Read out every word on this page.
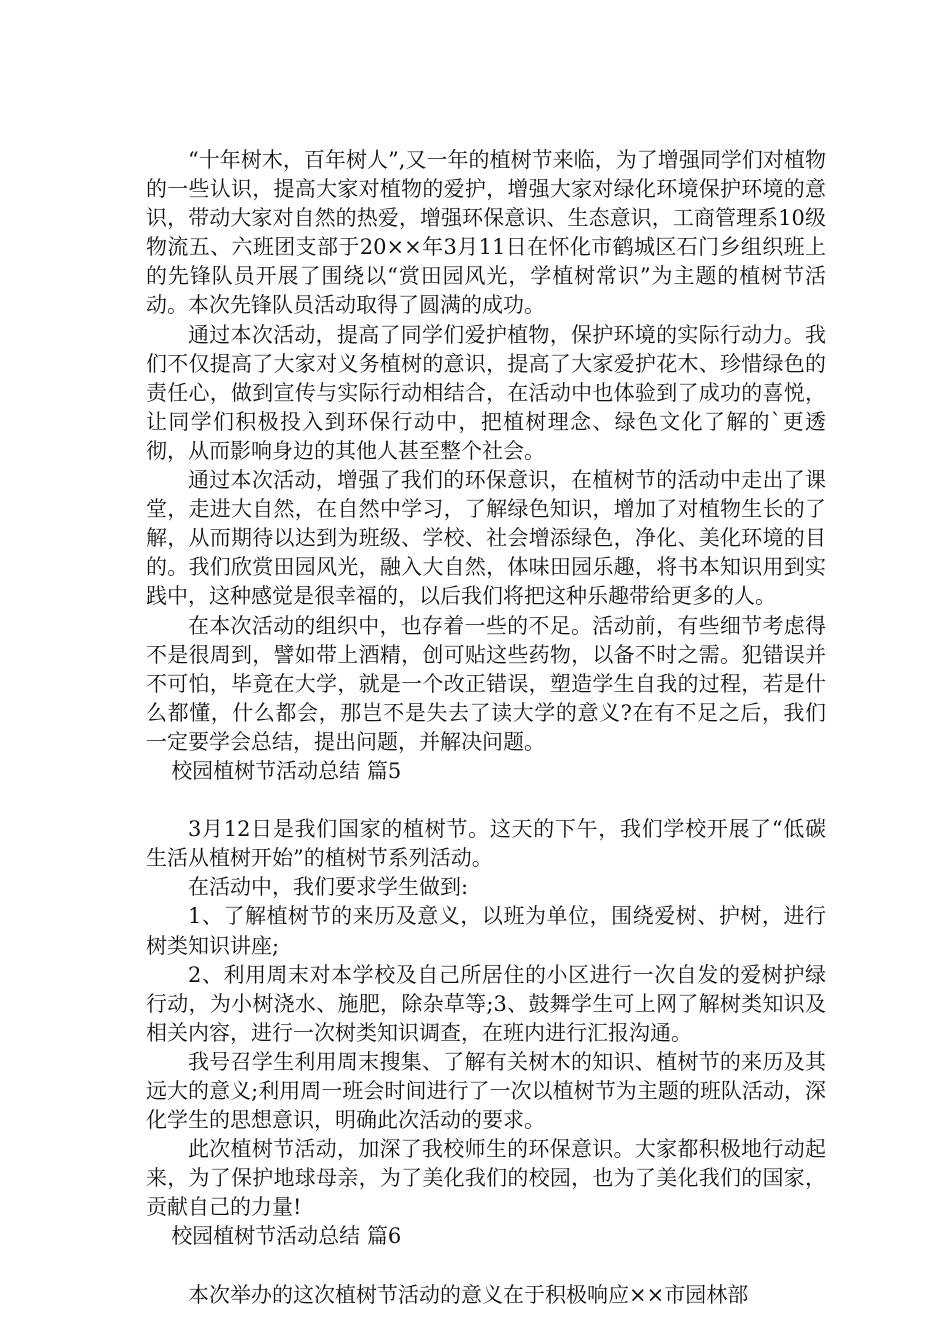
“十年树木，百年树人”,又一年的植树节来临，为了增强同学们对植物的一些认识，提高大家对植物的爱护，增强大家对绿化环境保护环境的意识，带动大家对自然的热爱，增强环保意识、生态意识，工商管理系10级物流五、六班团支部于20××年3月11日在怀化市鹤城区石门乡组织班上的先锋队员开展了围绕以“赏田园风光，学植树常识”为主题的植树节活动。本次先锋队员活动取得了圆满的成功。

通过本次活动，提高了同学们爱护植物，保护环境的实际行动力。我们不仅提高了大家对义务植树的意识，提高了大家爱护花木、珍惜绿色的责任心，做到宣传与实际行动相结合，在活动中也体验到了成功的喜悦，让同学们积极投入到环保行动中，把植树理念、绿色文化了解的`更透彻，从而影响身边的其他人甚至整个社会。

通过本次活动，增强了我们的环保意识，在植树节的活动中走出了课堂，走进大自然，在自然中学习，了解绿色知识，增加了对植物生长的了解，从而期待以达到为班级、学校、社会增添绿色，净化、美化环境的目的。我们欣赏田园风光，融入大自然，体味田园乐趣，将书本知识用到实践中，这种感觉是很幸福的，以后我们将把这种乐趣带给更多的人。

在本次活动的组织中，也存着一些的不足。活动前，有些细节考虑得不是很周到，譬如带上酒精，创可贴这些药物，以备不时之需。犯错误并不可怕，毕竟在大学，就是一个改正错误，塑造学生自我的过程，若是什么都懂，什么都会，那岂不是失去了读大学的意义?在有不足之后，我们一定要学会总结，提出问题，并解决问题。

校园植树节活动总结 篇5

3月12日是我们国家的植树节。这天的下午，我们学校开展了“低碳生活从植树开始”的植树节系列活动。

在活动中，我们要求学生做到:

1、了解植树节的来历及意义，以班为单位，围绕爱树、护树，进行树类知识讲座;

2、利用周末对本学校及自己所居住的小区进行一次自发的爱树护绿行动，为小树浇水、施肥，除杂草等;3、鼓舞学生可上网了解树类知识及相关内容，进行一次树类知识调查，在班内进行汇报沟通。

我号召学生利用周末搜集、了解有关树木的知识、植树节的来历及其远大的意义;利用周一班会时间进行了一次以植树节为主题的班队活动，深化学生的思想意识，明确此次活动的要求。

此次植树节活动，加深了我校师生的环保意识。大家都积极地行动起来，为了保护地球母亲，为了美化我们的校园，也为了美化我们的国家，贡献自己的力量!

校园植树节活动总结 篇6

本次举办的这次植树节活动的意义在于积极响应××市园林部
